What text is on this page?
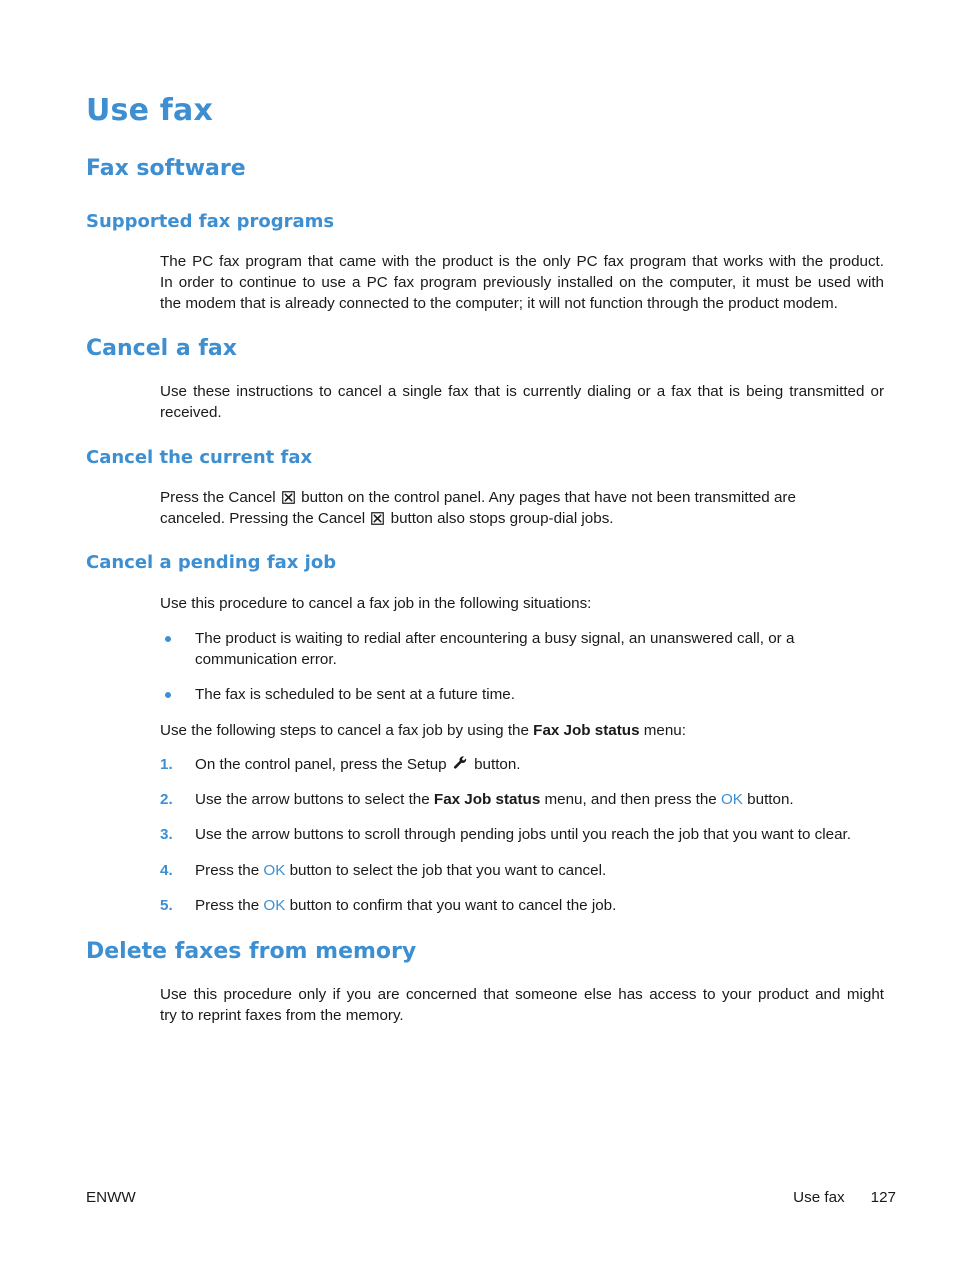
Use fax
Fax software
Supported fax programs
The PC fax program that came with the product is the only PC fax program that works with the product.
In order to continue to use a PC fax program previously installed on the computer, it must be used with
the modem that is already connected to the computer; it will not function through the product modem.
Cancel a fax
Use these instructions to cancel a single fax that is currently dialing or a fax that is being transmitted or
received.
Cancel the current fax
Press the Cancel button on the control panel. Any pages that have not been transmitted are
canceled. Pressing the Cancel button also stops group-dial jobs.
Cancel a pending fax job
Use this procedure to cancel a fax job in the following situations:
The product is waiting to redial after encountering a busy signal, an unanswered call, or a
communication error.
The fax is scheduled to be sent at a future time.
Use the following steps to cancel a fax job by using the Fax Job status menu:
1. On the control panel, press the Setup button.

2. Use the arrow buttons to select the Fax Job status menu, and then press the OK button.

3. Use the arrow buttons to scroll through pending jobs until you reach the job that you want to clear.

4. Press the OK button to select the job that you want to cancel.

5. Press the OK button to confirm that you want to cancel the job.

Delete faxes from memory
Use this procedure only if you are concerned that someone else has access to your product and might
try to reprint faxes from the memory.
ENWW	Use fax 127
